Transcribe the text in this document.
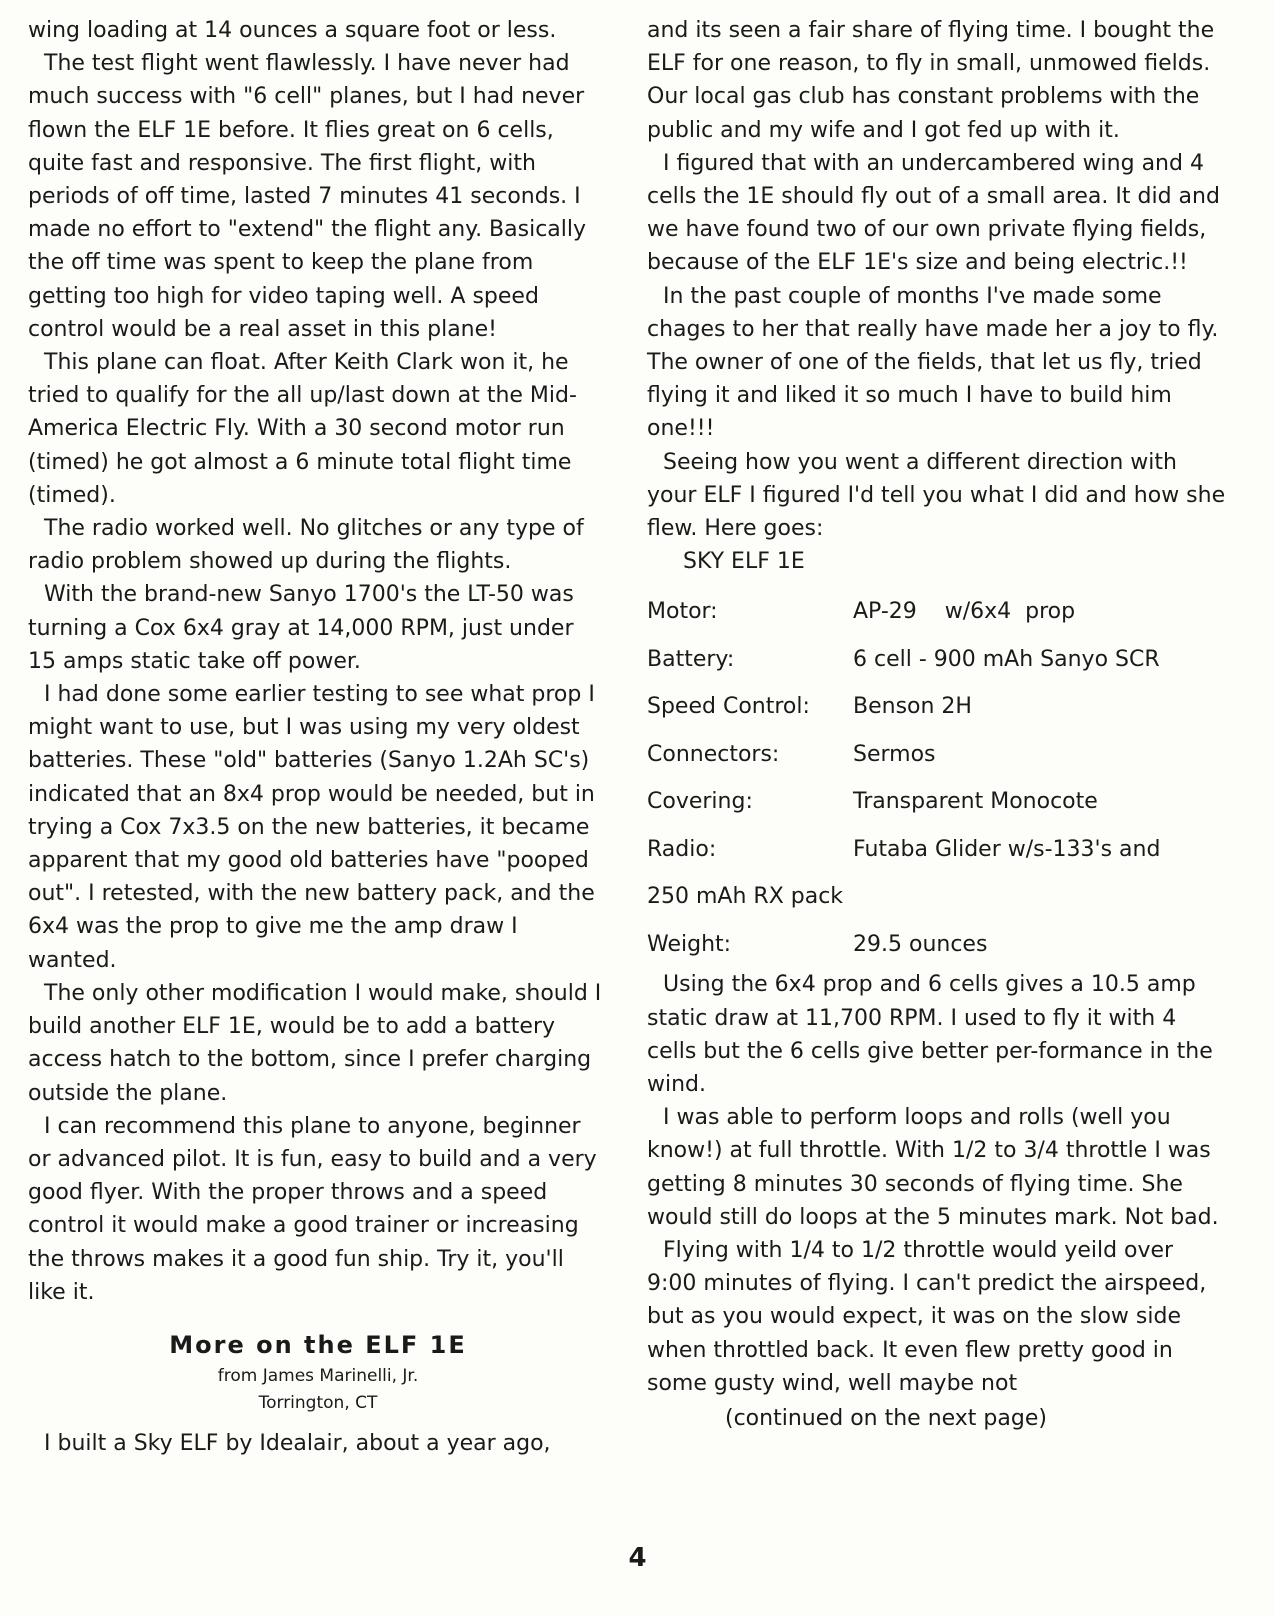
wing loading at 14 ounces a square foot or less.

The test flight went flawlessly. I have never had much success with "6 cell" planes, but I had never flown the ELF 1E before. It flies great on 6 cells, quite fast and responsive. The first flight, with periods of off time, lasted 7 minutes 41 seconds. I made no effort to "extend" the flight any. Basically the off time was spent to keep the plane from getting too high for video taping well. A speed control would be a real asset in this plane!

This plane can float. After Keith Clark won it, he tried to qualify for the all up/last down at the Mid-America Electric Fly. With a 30 second motor run (timed) he got almost a 6 minute total flight time (timed).

The radio worked well. No glitches or any type of radio problem showed up during the flights.

With the brand-new Sanyo 1700's the LT-50 was turning a Cox 6x4 gray at 14,000 RPM, just under 15 amps static take off power.

I had done some earlier testing to see what prop I might want to use, but I was using my very oldest batteries. These "old" batteries (Sanyo 1.2Ah SC's) indicated that an 8x4 prop would be needed, but in trying a Cox 7x3.5 on the new batteries, it became apparent that my good old batteries have "pooped out". I retested, with the new battery pack, and the 6x4 was the prop to give me the amp draw I wanted.

The only other modification I would make, should I build another ELF 1E, would be to add a battery access hatch to the bottom, since I prefer charging outside the plane.

I can recommend this plane to anyone, beginner or advanced pilot. It is fun, easy to build and a very good flyer. With the proper throws and a speed control it would make a good trainer or increasing the throws makes it a good fun ship. Try it, you'll like it.

More on the ELF 1E
from James Marinelli, Jr.
Torrington, CT

I built a Sky ELF by Idealair, about a year ago,

and its seen a fair share of flying time. I bought the ELF for one reason, to fly in small, unmowed fields. Our local gas club has constant problems with the public and my wife and I got fed up with it.

I figured that with an undercambered wing and 4 cells the 1E should fly out of a small area. It did and we have found two of our own private flying fields, because of the ELF 1E's size and being electric.!!

In the past couple of months I've made some chages to her that really have made her a joy to fly. The owner of one of the fields, that let us fly, tried flying it and liked it so much I have to build him one!!!

Seeing how you went a different direction with your ELF I figured I'd tell you what I did and how she flew. Here goes:

SKY ELF 1E

Motor:	AP-29    w/6x4  prop
Battery:	6 cell - 900 mAh Sanyo SCR
Speed Control:	Benson 2H
Connectors:	Sermos
Covering:	Transparent Monocote
Radio:	Futaba Glider w/s-133's and
250 mAh RX pack
Weight:	29.5 ounces

Using the 6x4 prop and 6 cells gives a 10.5 amp static draw at 11,700 RPM. I used to fly it with 4 cells but the 6 cells give better per-formance in the wind.

I was able to perform loops and rolls (well you know!) at full throttle. With 1/2 to 3/4 throttle I was getting 8 minutes 30 seconds of flying time. She would still do loops at the 5 minutes mark. Not bad.

Flying with 1/4 to 1/2 throttle would yeild over 9:00 minutes of flying. I can't predict the airspeed, but as you would expect, it was on the slow side when throttled back. It even flew pretty good in some gusty wind, well maybe not

(continued on the next page)

4
